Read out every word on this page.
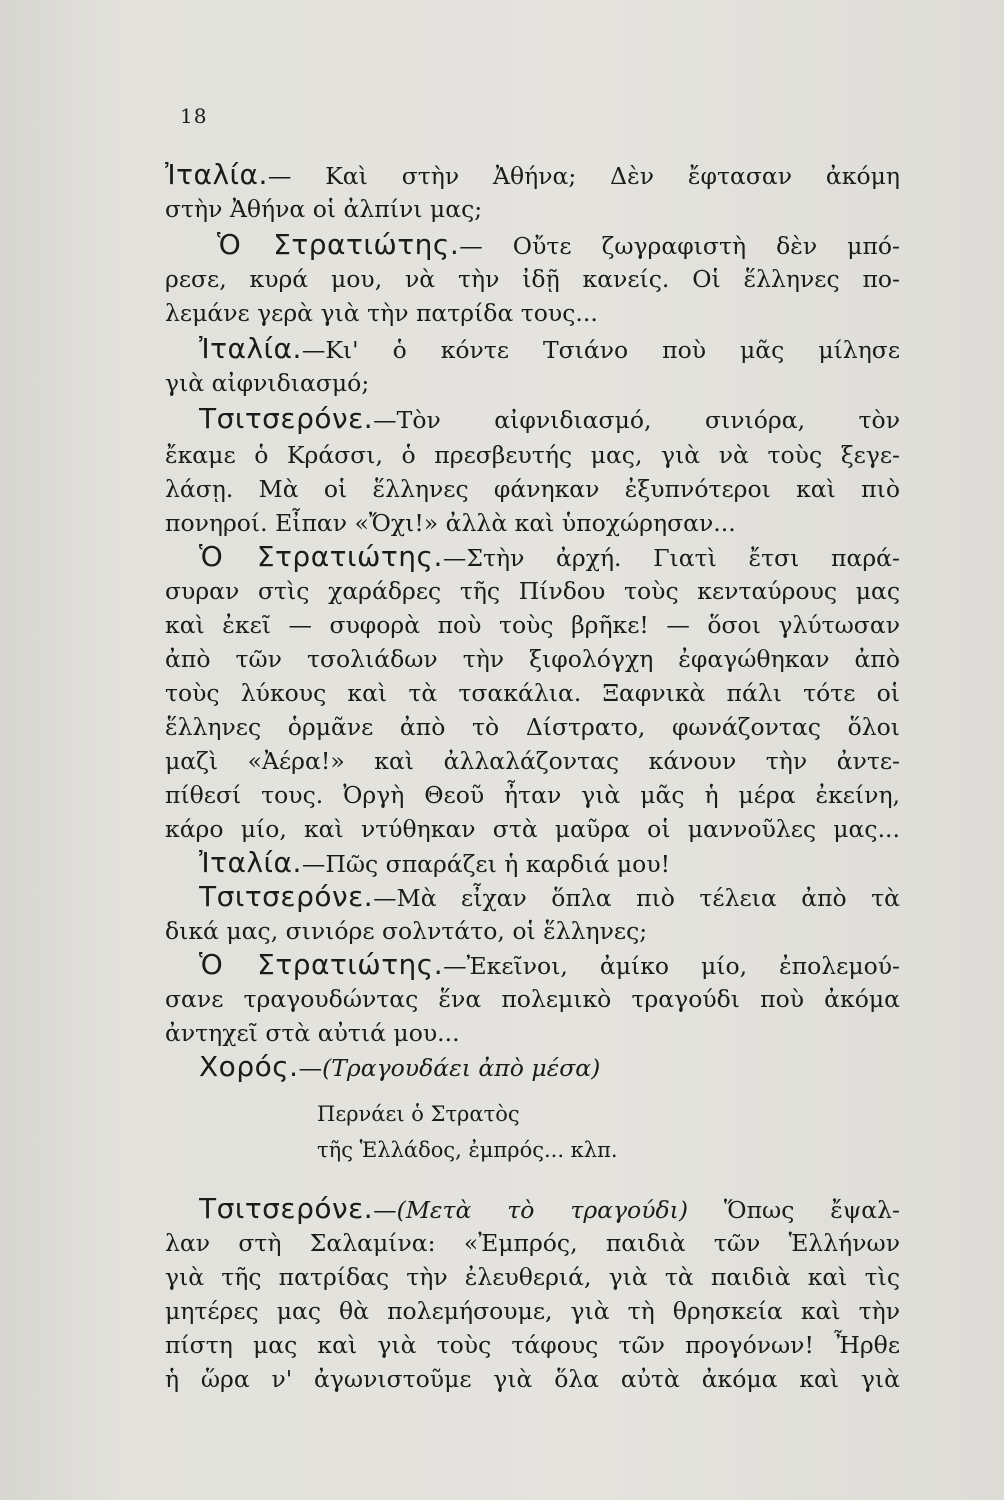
18
Ἰταλία.— Καὶ στὴν Ἀθήνα; Δὲν ἔφτασαν ἀκόμη
στὴν Ἀθήνα οἱ ἀλπίνι μας;
Ὁ Στρατιώτης.— Οὔτε ζωγραφιστὴ δὲν μπό-
ρεσε, κυρά μου, νὰ τὴν ἰδῇ κανείς. Οἱ ἕλληνες πο-
λεμάνε γερὰ γιὰ τὴν πατρίδα τους...
Ἰταλία.—Κι' ὁ κόντε Τσιάνο ποὺ μᾶς μίλησε
γιὰ αἰφνιδιασμό;
Τσιτσερόνε.—Τὸν αἰφνιδιασμό, σινιόρα, τὸν
ἔκαμε ὁ Κράσσι, ὁ πρεσβευτής μας, γιὰ νὰ τοὺς ξεγε-
λάσῃ. Μὰ οἱ ἕλληνες φάνηκαν ἐξυπνότεροι καὶ πιὸ
πονηροί. Εἶπαν «Ὄχι!» ἀλλὰ καὶ ὑποχώρησαν...
Ὁ Στρατιώτης.—Στὴν ἀρχή. Γιατὶ ἔτσι παρά-
συραν στὶς χαράδρες τῆς Πίνδου τοὺς κενταύρους μας
καὶ ἐκεῖ — συφορὰ ποὺ τοὺς βρῆκε! — ὅσοι γλύτωσαν
ἀπὸ τῶν τσολιάδων τὴν ξιφολόγχη ἐφαγώθηκαν ἀπὸ
τοὺς λύκους καὶ τὰ τσακάλια. Ξαφνικὰ πάλι τότε οἱ
ἕλληνες ὁρμᾶνε ἀπὸ τὸ Δίστρατο, φωνάζοντας ὅλοι
μαζὶ «Ἀέρα!» καὶ ἀλλαλάζοντας κάνουν τὴν ἀντε-
πίθεσί τους. Ὀργὴ Θεοῦ ἦταν γιὰ μᾶς ἡ μέρα ἐκείνη,
κάρο μίο, καὶ ντύθηκαν στὰ μαῦρα οἱ μαννοῦλες μας...
Ἰταλία.—Πῶς σπαράζει ἡ καρδιά μου!
Τσιτσερόνε.—Μὰ εἶχαν ὅπλα πιὸ τέλεια ἀπὸ τὰ
δικά μας, σινιόρε σολντάτο, οἱ ἕλληνες;
Ὁ Στρατιώτης.—Ἐκεῖνοι, ἀμίκο μίο, ἐπολεμού-
σανε τραγουδώντας ἕνα πολεμικὸ τραγούδι ποὺ ἀκόμα
ἀντηχεῖ στὰ αὐτιά μου...
Χορός.—(Τραγουδάει ἀπὸ μέσα)
Περνάει ὁ Στρατὸς
τῆς Ἑλλάδος, ἐμπρός... κλπ.
Τσιτσερόνε.—(Μετὰ τὸ τραγούδι) Ὅπως ἔψαλ-
λαν στὴ Σαλαμίνα: «Ἐμπρός, παιδιὰ τῶν Ἑλλήνων
γιὰ τῆς πατρίδας τὴν ἐλευθεριά, γιὰ τὰ παιδιὰ καὶ τὶς
μητέρες μας θὰ πολεμήσουμε, γιὰ τὴ θρησκεία καὶ τὴν
πίστη μας καὶ γιὰ τοὺς τάφους τῶν προγόνων! Ἦρθε
ἡ ὥρα ν' ἀγωνιστοῦμε γιὰ ὅλα αὐτὰ ἀκόμα καὶ γιὰ
